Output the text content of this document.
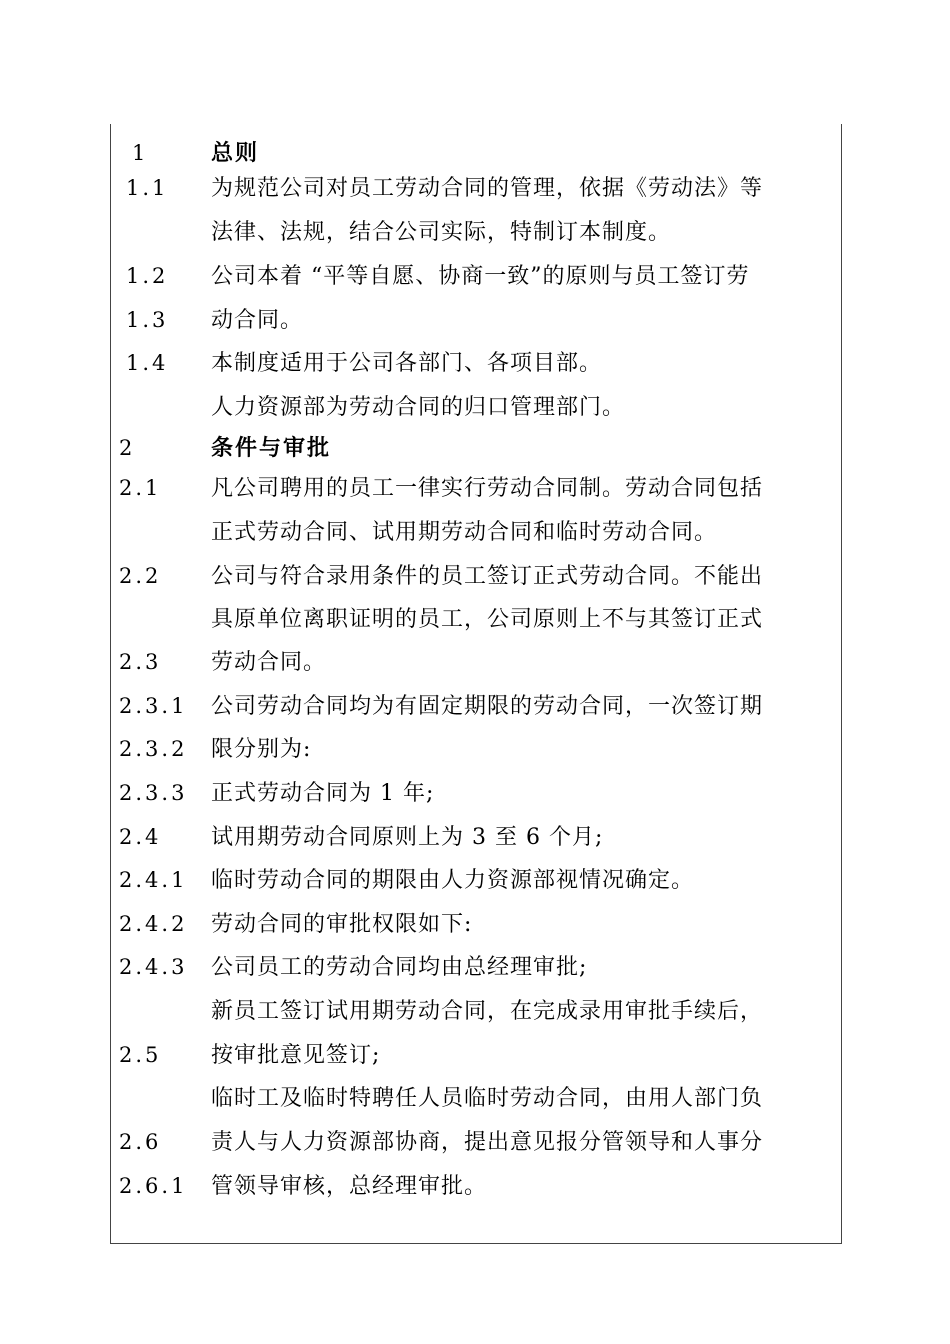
1
1.1
1.2
1.3
1.4
2
2.1
2.2
2.3
2.3.1
2.3.2
2.3.3
2.4
2.4.1
2.4.2
2.4.3
2.5
2.6
2.6.1
总则
为规范公司对员工劳动合同的管理，依据《劳动法》等
法律、法规，结合公司实际，特制订本制度。
公司本着 “平等自愿、协商一致”的原则与员工签订劳
动合同。
本制度适用于公司各部门、各项目部。
人力资源部为劳动合同的归口管理部门。
条件与审批
凡公司聘用的员工一律实行劳动合同制。劳动合同包括
正式劳动合同、试用期劳动合同和临时劳动合同。
公司与符合录用条件的员工签订正式劳动合同。不能出
具原单位离职证明的员工，公司原则上不与其签订正式
劳动合同。
公司劳动合同均为有固定期限的劳动合同，一次签订期
限分别为:
正式劳动合同为 1 年;
试用期劳动合同原则上为 3 至 6 个月;
临时劳动合同的期限由人力资源部视情况确定。
劳动合同的审批权限如下:
公司员工的劳动合同均由总经理审批;
新员工签订试用期劳动合同，在完成录用审批手续后，
按审批意见签订;
临时工及临时特聘任人员临时劳动合同，由用人部门负
责人与人力资源部协商，提出意见报分管领导和人事分
管领导审核，总经理审批。
